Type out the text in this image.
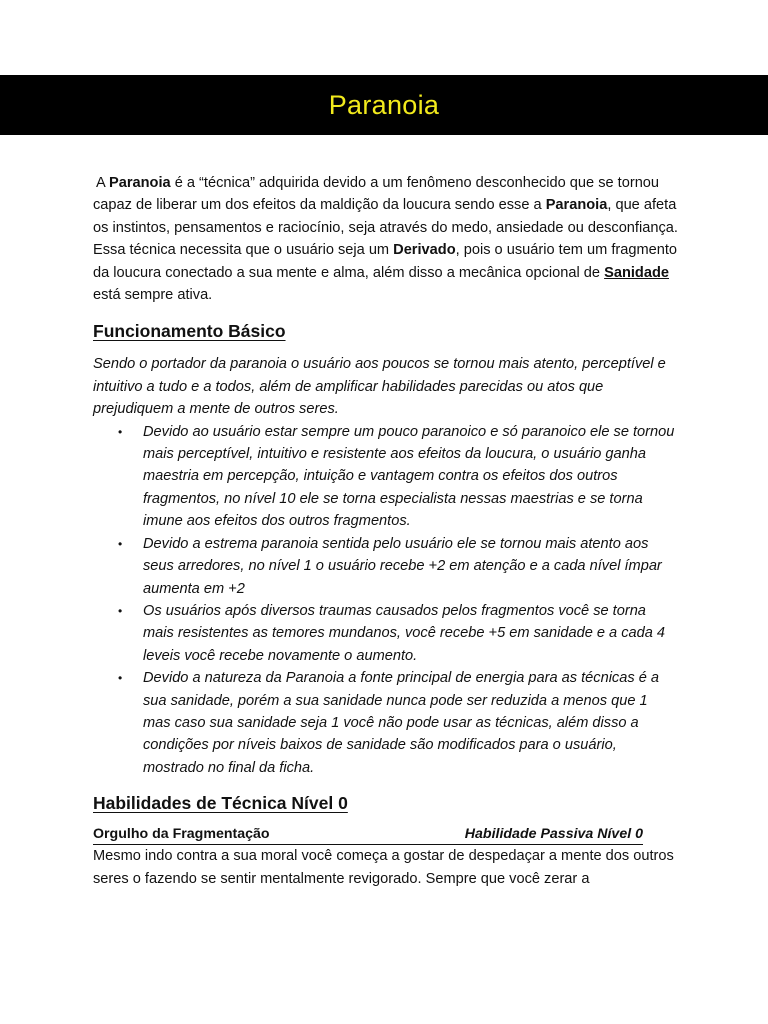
Paranoia

A Paranoia é a “técnica” adquirida devido a um fenômeno desconhecido que se tornou capaz de liberar um dos efeitos da maldição da loucura sendo esse a Paranoia, que afeta os instintos, pensamentos e raciocínio, seja através do medo, ansiedade ou desconfiança. Essa técnica necessita que o usuário seja um Derivado, pois o usuário tem um fragmento da loucura conectado a sua mente e alma, além disso a mecânica opcional de Sanidade está sempre ativa.

Funcionamento Básico

Sendo o portador da paranoia o usuário aos poucos se tornou mais atento, perceptível e intuitivo a tudo e a todos, além de amplificar habilidades parecidas ou atos que prejudiquem a mente de outros seres.

• Devido ao usuário estar sempre um pouco paranoico e só paranoico ele se tornou mais perceptível, intuitivo e resistente aos efeitos da loucura, o usuário ganha maestria em percepção, intuição e vantagem contra os efeitos dos outros fragmentos, no nível 10 ele se torna especialista nessas maestrias e se torna imune aos efeitos dos outros fragmentos.
• Devido a estrema paranoia sentida pelo usuário ele se tornou mais atento aos seus arredores, no nível 1 o usuário recebe +2 em atenção e a cada nível ímpar aumenta em +2
• Os usuários após diversos traumas causados pelos fragmentos você se torna mais resistentes as temores mundanos, você recebe +5 em sanidade e a cada 4 leveis você recebe novamente o aumento.
• Devido a natureza da Paranoia a fonte principal de energia para as técnicas é a sua sanidade, porém a sua sanidade nunca pode ser reduzida a menos que 1 mas caso sua sanidade seja 1 você não pode usar as técnicas, além disso a condições por níveis baixos de sanidade são modificados para o usuário, mostrado no final da ficha.
Habilidades de Técnica Nível 0
Orgulho da Fragmentação	Habilidade Passiva Nível 0

Mesmo indo contra a sua moral você começa a gostar de despedaçar a mente dos outros seres o fazendo se sentir mentalmente revigorado. Sempre que você zerar a
